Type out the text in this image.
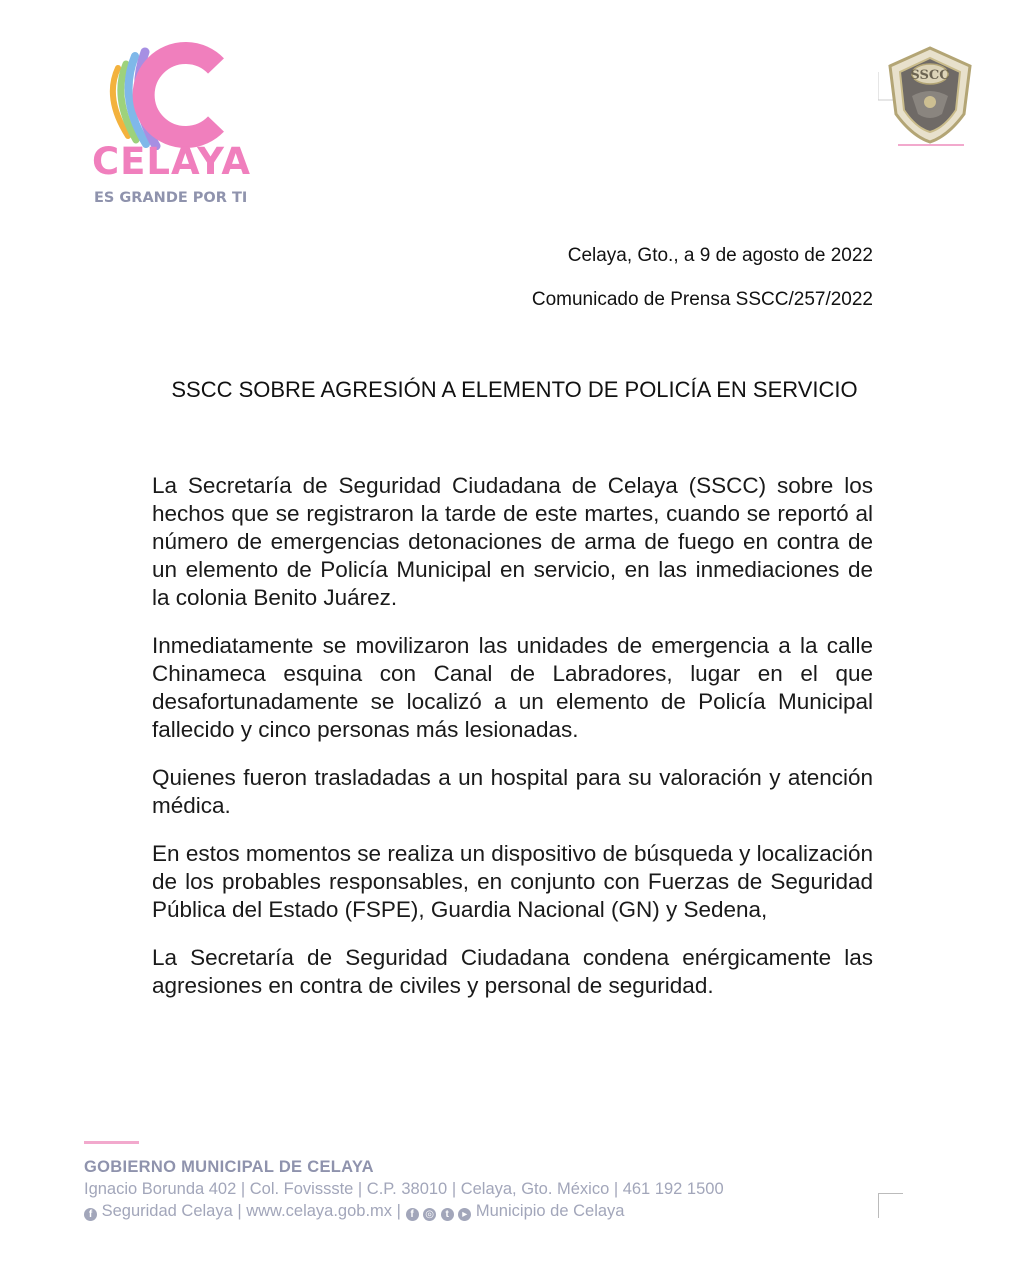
CELAYA
ES GRANDE POR TI
SSCC
Celaya, Gto., a 9 de agosto de 2022
Comunicado de Prensa SSCC/257/2022
SSCC SOBRE AGRESIÓN A ELEMENTO DE POLICÍA EN SERVICIO

La Secretaría de Seguridad Ciudadana de Celaya (SSCC) sobre los hechos que se registraron la tarde de este martes, cuando se reportó al número de emergencias detonaciones de arma de fuego en contra de un elemento de Policía Municipal en servicio, en las inmediaciones de la colonia Benito Juárez.

Inmediatamente se movilizaron las unidades de emergencia a la calle Chinameca esquina con Canal de Labradores, lugar en el que desafortunadamente se localizó a un elemento de Policía Municipal fallecido y cinco personas más lesionadas.

Quienes fueron trasladadas a un hospital para su valoración y atención médica.

En estos momentos se realiza un dispositivo de búsqueda y localización de los probables responsables, en conjunto con Fuerzas de Seguridad Pública del Estado (FSPE), Guardia Nacional (GN) y Sedena,

La Secretaría de Seguridad Ciudadana condena enérgicamente las agresiones en contra de civiles y personal de seguridad.

GOBIERNO MUNICIPAL DE CELAYA
Ignacio Borunda 402 | Col. Fovissste | C.P. 38010 | Celaya, Gto. México | 461 192 1500
f Seguridad Celaya | www.celaya.gob.mx | f ◎ t ▸ Municipio de Celaya
